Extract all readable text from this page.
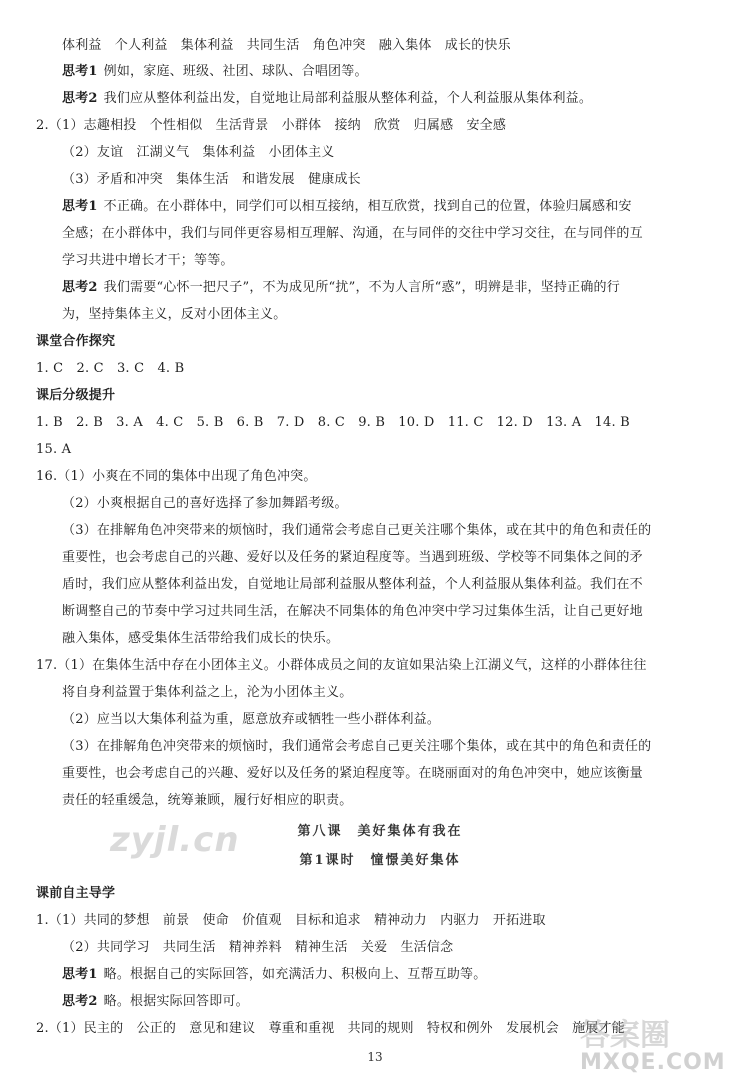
体利益　个人利益　集体利益　共同生活　角色冲突　融入集体　成长的快乐
思考1 例如，家庭、班级、社团、球队、合唱团等。
思考2 我们应从整体利益出发，自觉地让局部利益服从整体利益，个人利益服从集体利益。
2.（1）志趣相投　个性相似　生活背景　小群体　接纳　欣赏　归属感　安全感
（2）友谊　江湖义气　集体利益　小团体主义
（3）矛盾和冲突　集体生活　和谐发展　健康成长
思考1 不正确。在小群体中，同学们可以相互接纳，相互欣赏，找到自己的位置，体验归属感和安
全感；在小群体中，我们与同伴更容易相互理解、沟通，在与同伴的交往中学习交往，在与同伴的互
学习共进中增长才干；等等。
思考2 我们需要“心怀一把尺子”，不为成见所“扰”，不为人言所“惑”，明辨是非，坚持正确的行
为，坚持集体主义，反对小团体主义。
课堂合作探究
1. C　2. C　3. C　4. B
课后分级提升
1. B　2. B　3. A　4. C　5. B　6. B　7. D　8. C　9. B　10. D　11. C　12. D　13. A　14. B
15. A
16.（1）小爽在不同的集体中出现了角色冲突。
（2）小爽根据自己的喜好选择了参加舞蹈考级。
（3）在排解角色冲突带来的烦恼时，我们通常会考虑自己更关注哪个集体，或在其中的角色和责任的
重要性，也会考虑自己的兴趣、爱好以及任务的紧迫程度等。当遇到班级、学校等不同集体之间的矛
盾时，我们应从整体利益出发，自觉地让局部利益服从整体利益，个人利益服从集体利益。我们在不
断调整自己的节奏中学习过共同生活，在解决不同集体的角色冲突中学习过集体生活，让自己更好地
融入集体，感受集体生活带给我们成长的快乐。
17.（1）在集体生活中存在小团体主义。小群体成员之间的友谊如果沾染上江湖义气，这样的小群体往往
将自身利益置于集体利益之上，沦为小团体主义。
（2）应当以大集体利益为重，愿意放弃或牺牲一些小群体利益。
（3）在排解角色冲突带来的烦恼时，我们通常会考虑自己更关注哪个集体，或在其中的角色和责任的
重要性，也会考虑自己的兴趣、爱好以及任务的紧迫程度等。在晓丽面对的角色冲突中，她应该衡量
责任的轻重缓急，统筹兼顾，履行好相应的职责。
第八课　美好集体有我在
第1课时　憧憬美好集体
课前自主导学
1.（1）共同的梦想　前景　使命　价值观　目标和追求　精神动力　内驱力　开拓进取
（2）共同学习　共同生活　精神养料　精神生活　关爱　生活信念
思考1 略。根据自己的实际回答，如充满活力、积极向上、互帮互助等。
思考2 略。根据实际回答即可。
2.（1）民主的　公正的　意见和建议　尊重和重视　共同的规则　特权和例外　发展机会　施展才能
13
zyjl.cn
答案圈
MXQE.COM
